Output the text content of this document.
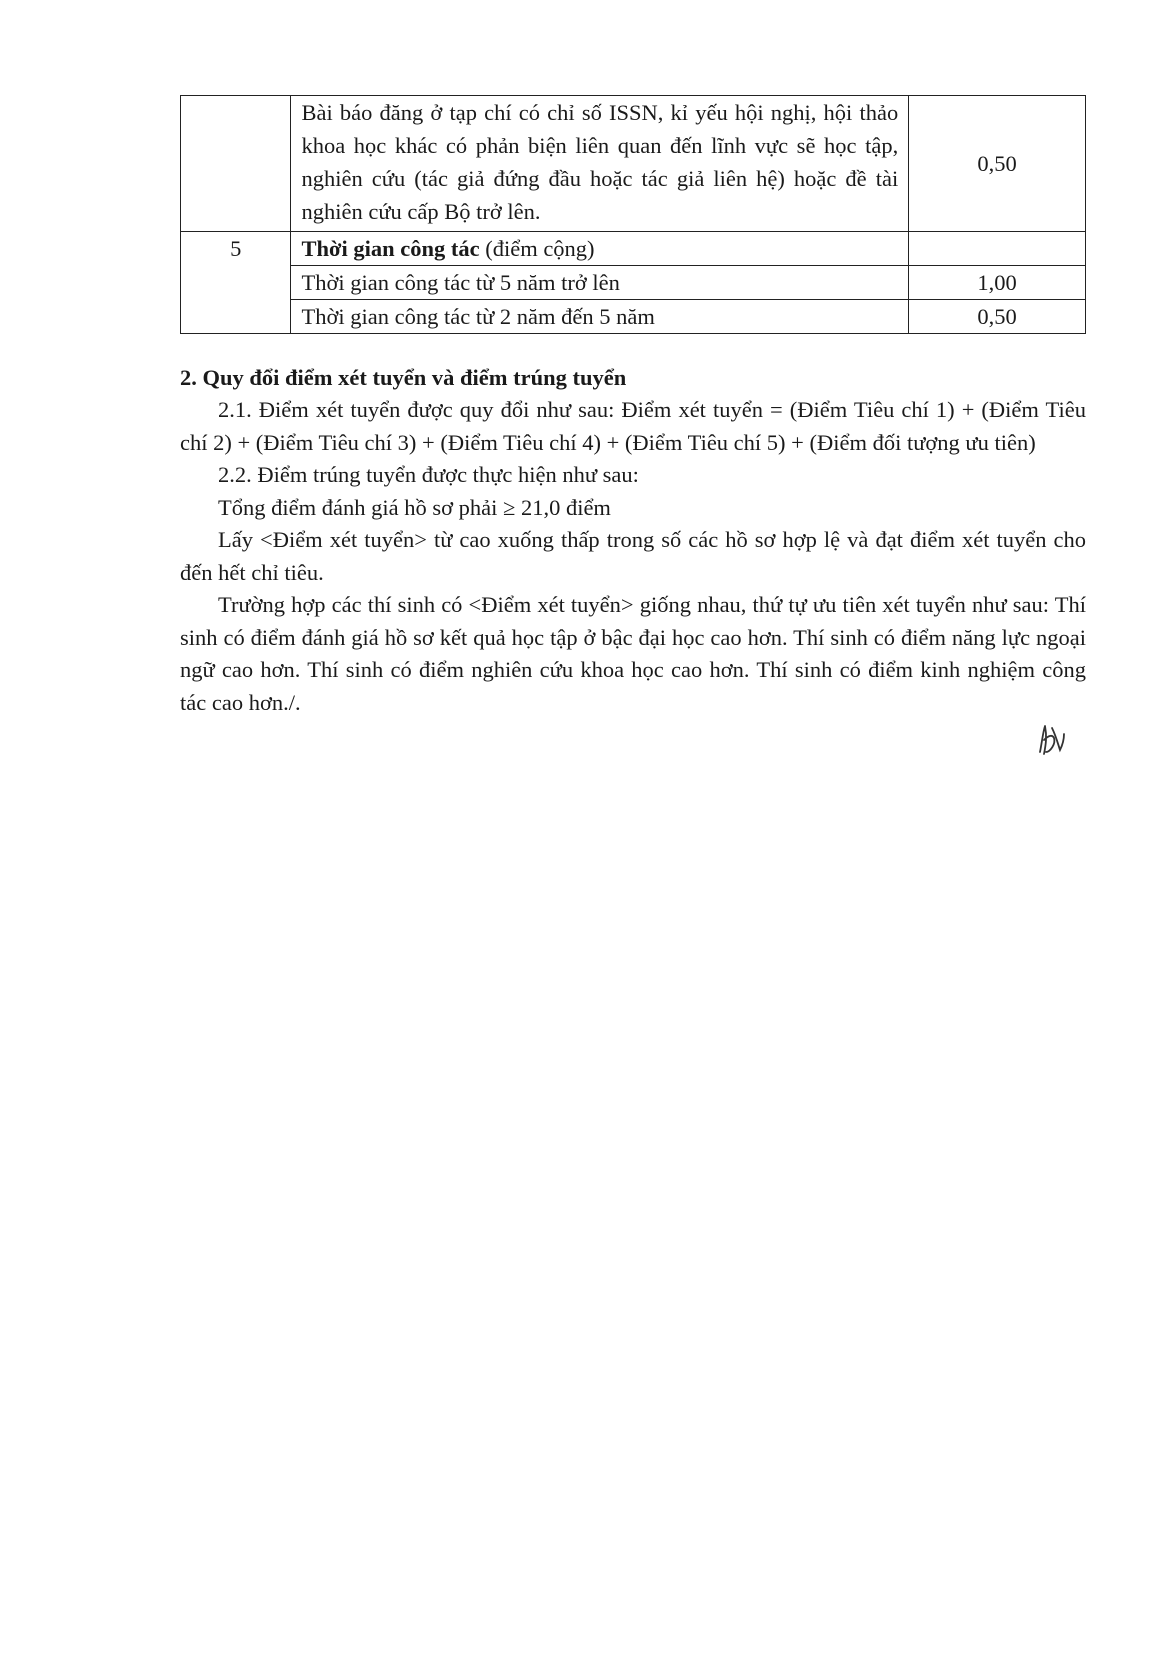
	Bài báo đăng ở tạp chí có chỉ số ISSN, kỉ yếu hội nghị, hội thảo khoa học khác có phản biện liên quan đến lĩnh vực sẽ học tập, nghiên cứu (tác giả đứng đầu hoặc tác giả liên hệ) hoặc đề tài nghiên cứu cấp Bộ trở lên.	0,50
5	Thời gian công tác (điểm cộng)	
	Thời gian công tác từ 5 năm trở lên	1,00
	Thời gian công tác từ 2 năm đến 5 năm	0,50
2. Quy đổi điểm xét tuyển và điểm trúng tuyển

2.1. Điểm xét tuyển được quy đổi như sau: Điểm xét tuyển = (Điểm Tiêu chí 1) + (Điểm Tiêu chí 2) + (Điểm Tiêu chí 3) + (Điểm Tiêu chí 4) + (Điểm Tiêu chí 5) + (Điểm đối tượng ưu tiên)

2.2. Điểm trúng tuyển được thực hiện như sau:

Tổng điểm đánh giá hồ sơ phải ≥ 21,0 điểm

Lấy <Điểm xét tuyển> từ cao xuống thấp trong số các hồ sơ hợp lệ và đạt điểm xét tuyển cho đến hết chỉ tiêu.

Trường hợp các thí sinh có <Điểm xét tuyển> giống nhau, thứ tự ưu tiên xét tuyển như sau: Thí sinh có điểm đánh giá hồ sơ kết quả học tập ở bậc đại học cao hơn. Thí sinh có điểm năng lực ngoại ngữ cao hơn. Thí sinh có điểm nghiên cứu khoa học cao hơn. Thí sinh có điểm kinh nghiệm công tác cao hơn./.
